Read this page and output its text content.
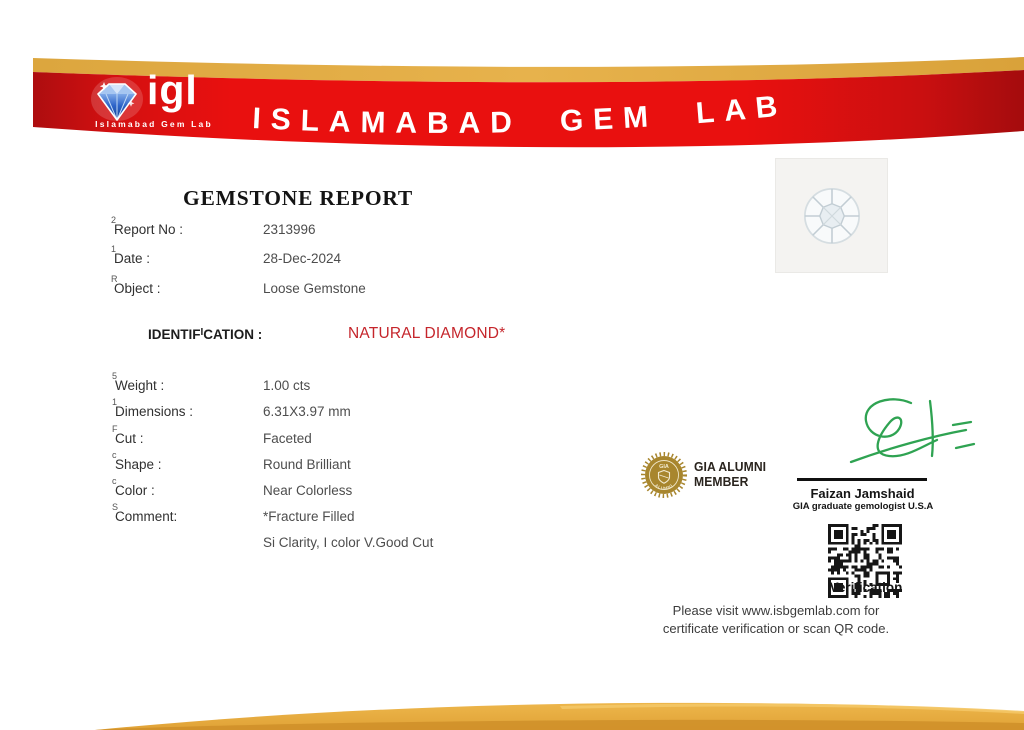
ISLAMABAD GEM LAB
igl
Islamabad Gem Lab
GEMSTONE REPORT
2
Report No :	2313996
1
Date :	28-Dec-2024
R
Object :	Loose Gemstone
$IDENTIF^ICATION$ :	NATURAL DIAMOND*
5
Weight :	1.00 cts
1
Dimensions :	6.31X3.97 mm
F
Cut :	Faceted
c
Shape :	Round Brilliant
c
Color :	Near Colorless
S
Comment:	*Fracture Filled
Si Clarity, I color V.Good Cut
GIA
ALUMNI
GIA ALUMNI
MEMBER
Faizan Jamshaid
GIA graduate gemologist U.S.A
Verification
Please visit www.isbgemlab.com for
certificate verification or scan QR code.
